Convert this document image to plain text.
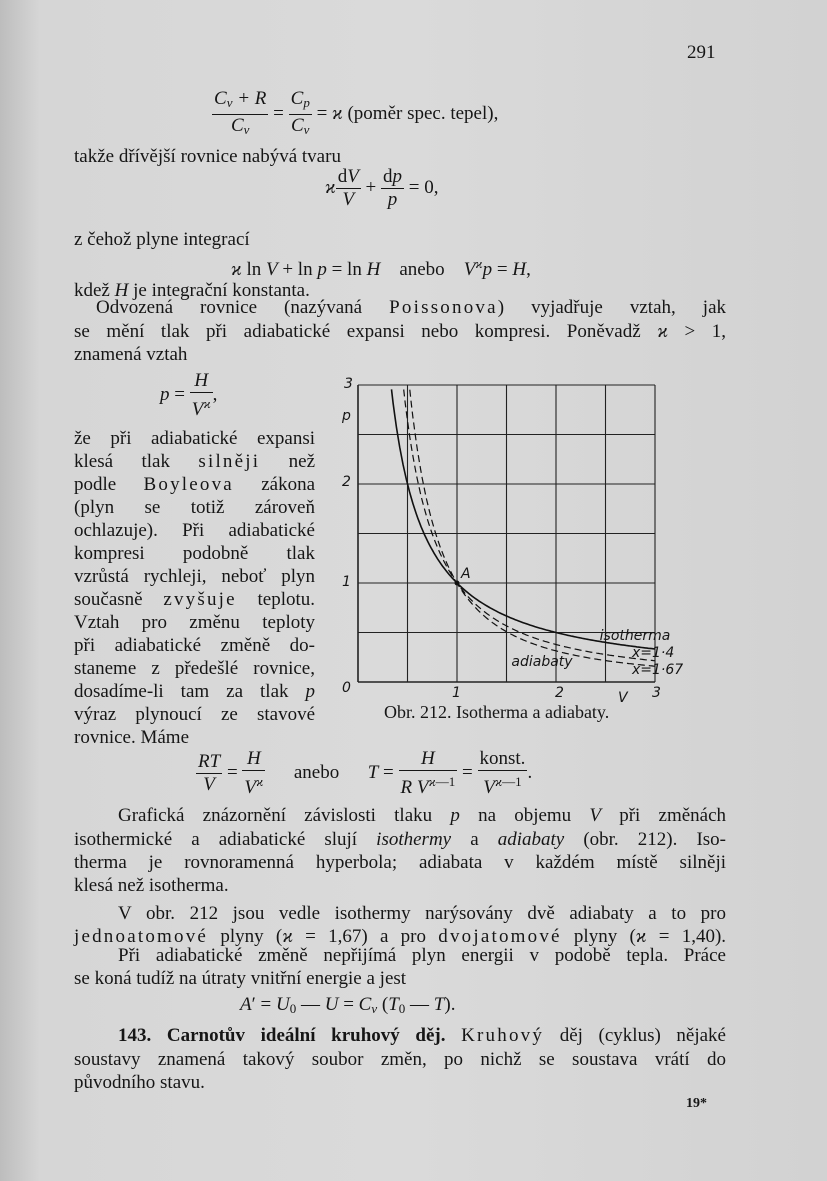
291
$\frac{C_v + R}{C_v} = \frac{C_p}{C_v} = ϰ$ (poměr spec. tepel),
takže dřívější rovnice nabývá tvaru
ϰ $\frac{dV}{V} + \frac{dp}{p} = 0$,
z čehož plyne integrací
ϰ ln V + ln p = ln H anebo $V^ϰp = H$,
kdež H je integrační konstanta.
Odvozená rovnice (nazývaná Poissonova) vyjadřuje vztah, jak
se mění tlak při adiabatické expansi nebo kompresi. Poněvadž ϰ > 1,
znamená vztah
$p = \frac{H}{V^ϰ}$ ,
že při adiabatické expansi
klesá tlak silněji než
podle Boyleova zákona
(plyn se totiž zároveň
ochlazuje). Při adiabatické
kompresi podobně tlak
vzrůstá rychleji, neboť plyn
současně zvyšuje teplotu.
Vztah pro změnu teploty
při adiabatické změně do-
staneme z předešlé rovnice,
dosadíme-li tam za tlak p
výraz plynoucí ze stavové
rovnice. Máme
p
V
0
1
2
3
1	2	3
A
isotherma
adiabaty
x=1·4
x=1·67
Obr. 212. Isotherma a adiabaty.
$\frac{RT}{V} = \frac{H}{V^ϰ}$ anebo $T = \frac{H}{R V^{ϰ—1}} = \frac{\text{konst.}}{V^{ϰ—1}}$ .
Grafická znázornění závislosti tlaku p na objemu V při změnách
isothermické a adiabatické slují isothermy a adiabaty (obr. 212). Iso-
therma je rovnoramenná hyperbola; adiabata v každém místě silněji
klesá než isotherma.
V obr. 212 jsou vedle isothermy narýsovány dvě adiabaty a to pro
jednoatomové plyny (ϰ = 1,67) a pro dvojatomové plyny (ϰ = 1,40).
Při adiabatické změně nepřijímá plyn energii v podobě tepla. Práce
se koná tudíž na útraty vnitřní energie a jest
$A' = U_0$ — $U = C_v$ ($T_0$ — T).
143. Carnotův ideální kruhový děj. Kruhový děj (cyklus) nějaké
soustavy znamená takový soubor změn, po nichž se soustava vrátí do
původního stavu.
19*
